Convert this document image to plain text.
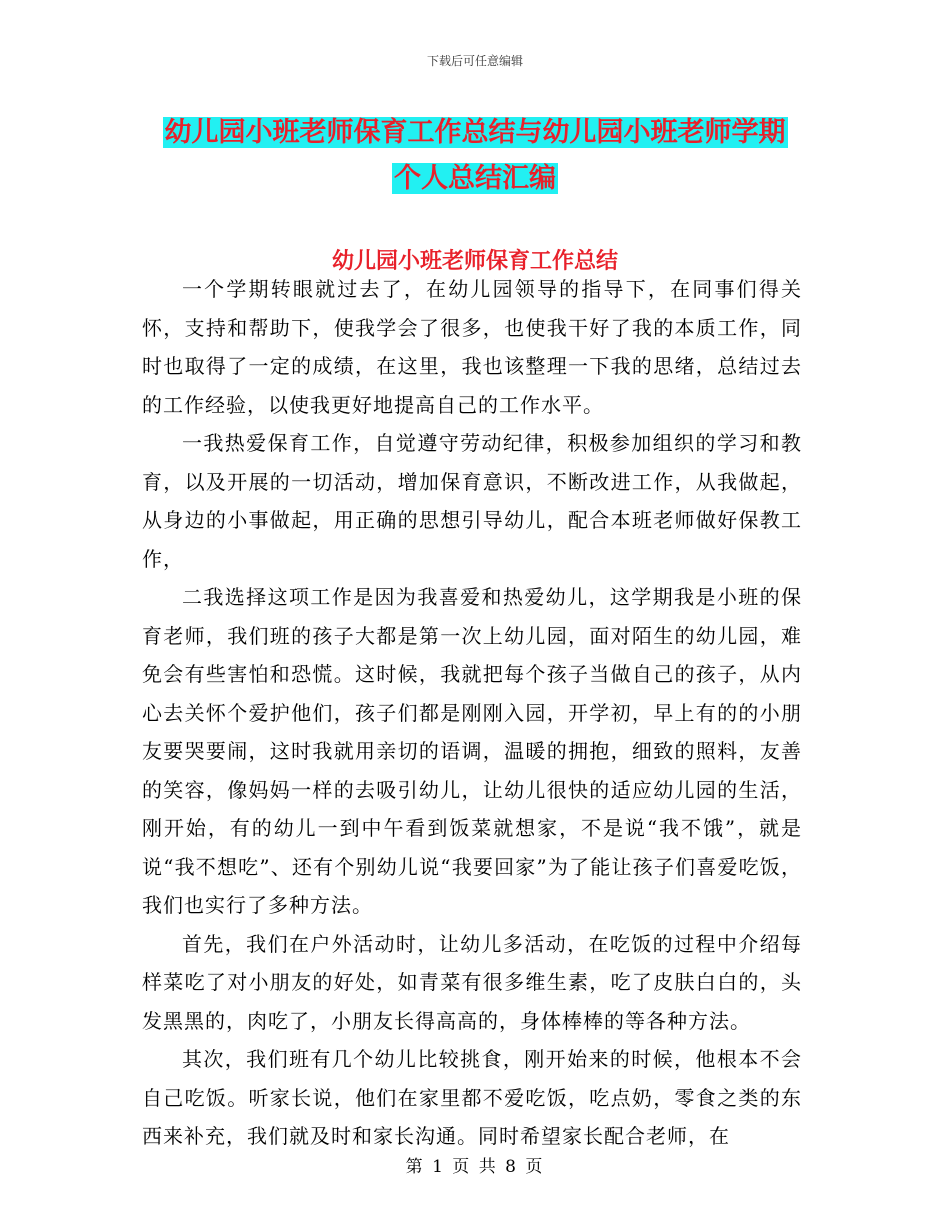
下载后可任意编辑
幼儿园小班老师保育工作总结与幼儿园小班老师学期
个人总结汇编
幼儿园小班老师保育工作总结

一个学期转眼就过去了，在幼儿园领导的指导下，在同事们得关怀，支持和帮助下，使我学会了很多，也使我干好了我的本质工作，同时也取得了一定的成绩，在这里，我也该整理一下我的思绪，总结过去的工作经验，以使我更好地提高自己的工作水平。

一我热爱保育工作，自觉遵守劳动纪律，积极参加组织的学习和教育，以及开展的一切活动，增加保育意识，不断改进工作，从我做起，从身边的小事做起，用正确的思想引导幼儿，配合本班老师做好保教工作，

二我选择这项工作是因为我喜爱和热爱幼儿，这学期我是小班的保育老师，我们班的孩子大都是第一次上幼儿园，面对陌生的幼儿园，难免会有些害怕和恐慌。这时候，我就把每个孩子当做自己的孩子，从内心去关怀个爱护他们，孩子们都是刚刚入园，开学初，早上有的的小朋友要哭要闹，这时我就用亲切的语调，温暖的拥抱，细致的照料，友善的笑容，像妈妈一样的去吸引幼儿，让幼儿很快的适应幼儿园的生活，刚开始，有的幼儿一到中午看到饭菜就想家，不是说“我不饿”，就是说“我不想吃”、还有个别幼儿说“我要回家”为了能让孩子们喜爱吃饭，我们也实行了多种方法。

首先，我们在户外活动时，让幼儿多活动，在吃饭的过程中介绍每样菜吃了对小朋友的好处，如青菜有很多维生素，吃了皮肤白白的，头发黑黑的，肉吃了，小朋友长得高高的，身体棒棒的等各种方法。

其次，我们班有几个幼儿比较挑食，刚开始来的时候，他根本不会自己吃饭。听家长说，他们在家里都不爱吃饭，吃点奶，零食之类的东西来补充，我们就及时和家长沟通。同时希望家长配合老师，在

第 1 页 共 8 页
